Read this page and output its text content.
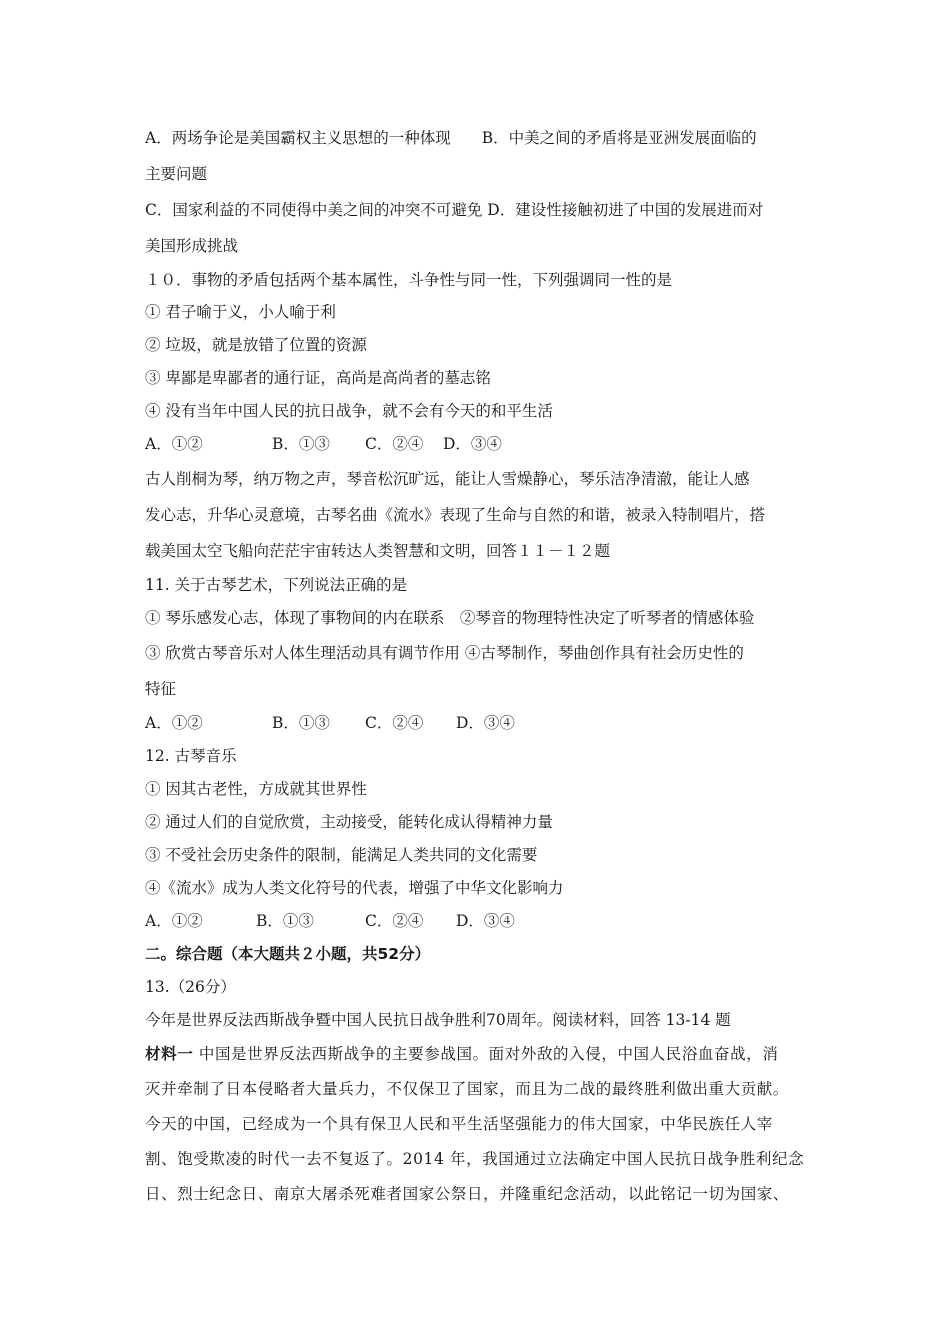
A．两场争论是美国霸权主义思想的一种体现　　B．中美之间的矛盾将是亚洲发展面临的
主要问题
C．国家利益的不同使得中美之间的冲突不可避免 D．建设性接触初进了中国的发展进而对
美国形成挑战
１０．事物的矛盾包括两个基本属性，斗争性与同一性，下列强调同一性的是
① 君子喻于义，小人喻于利
② 垃圾，就是放错了位置的资源
③ 卑鄙是卑鄙者的通行证，高尚是高尚者的墓志铭
④ 没有当年中国人民的抗日战争，就不会有今天的和平生活
A．①②	B．①③ C．②④ D．③④
古人削桐为琴，纳万物之声，琴音松沉旷远，能让人雪燥静心，琴乐洁净清澈，能让人感
发心志，升华心灵意境，古琴名曲《流水》表现了生命与自然的和谐，被录入特制唱片，搭
载美国太空飞船向茫茫宇宙转达人类智慧和文明，回答１１－１２题
11. 关于古琴艺术，下列说法正确的是
① 琴乐感发心志，体现了事物间的内在联系　②琴音的物理特性决定了听琴者的情感体验
③ 欣赏古琴音乐对人体生理活动具有调节作用 ④古琴制作，琴曲创作具有社会历史性的
特征
A．①②	B．①③ C．②④ D．③④
12. 古琴音乐
① 因其古老性，方成就其世界性
② 通过人们的自觉欣赏，主动接受，能转化成认得精神力量
③ 不受社会历史条件的限制，能满足人类共同的文化需要
④《流水》成为人类文化符号的代表，增强了中华文化影响力
A．①②	B．①③	C．②④ D．③④
二。综合题（本大题共２小题，共52分）
13.（26分）
今年是世界反法西斯战争暨中国人民抗日战争胜利70周年。阅读材料，回答 13-14 题
材料一 中国是世界反法西斯战争的主要参战国。面对外敌的入侵，中国人民浴血奋战，消
灭并牵制了日本侵略者大量兵力，不仅保卫了国家，而且为二战的最终胜利做出重大贡献。
今天的中国，已经成为一个具有保卫人民和平生活坚强能力的伟大国家，中华民族任人宰
割、饱受欺凌的时代一去不复返了。2014 年，我国通过立法确定中国人民抗日战争胜利纪念
日、烈士纪念日、南京大屠杀死难者国家公祭日，并隆重纪念活动，以此铭记一切为国家、
